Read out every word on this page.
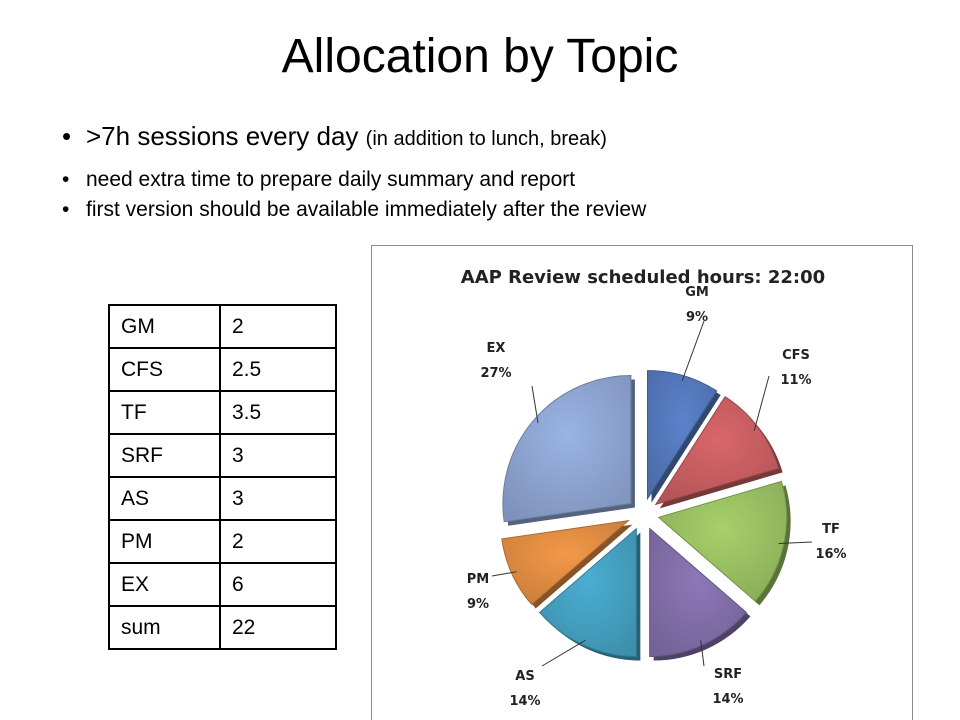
Allocation by Topic
• >7h sessions every day (in addition to lunch, break)
• need extra time to prepare daily summary and report
• first version should be available immediately after the review
GM	2
CFS	2.5
TF	3.5
SRF	3
AS	3
PM	2
EX	6
sum	22
AAP Review scheduled hours: 22:00
GM
9%
CFS
11%
TF
16%
SRF
14%
AS
14%
PM
9%
EX
27%
